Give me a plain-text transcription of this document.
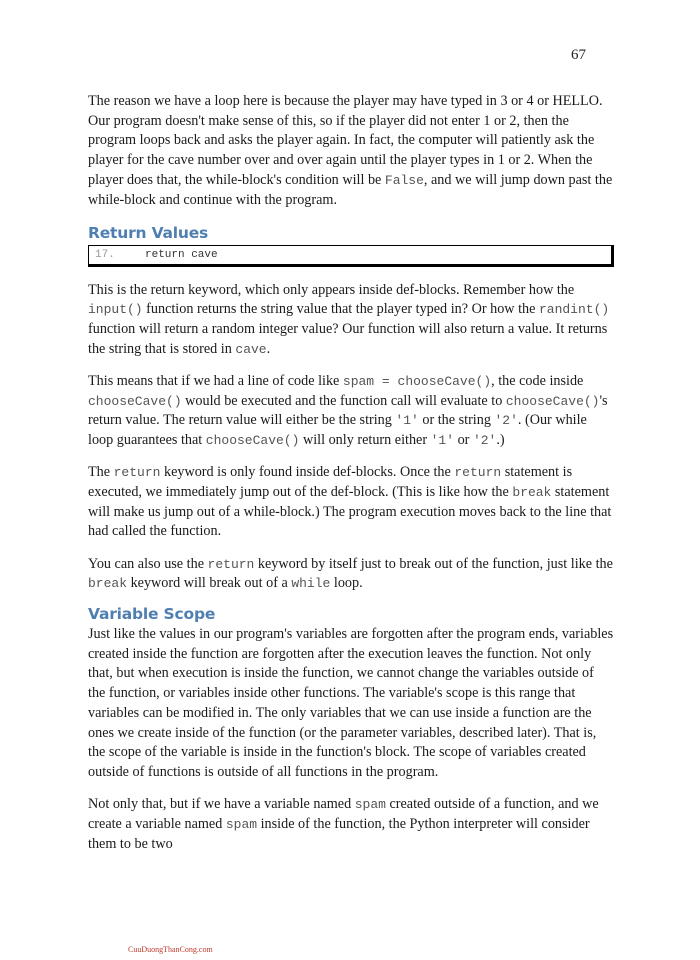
67

The reason we have a loop here is because the player may have typed in 3 or 4 or HELLO. Our program doesn't make sense of this, so if the player did not enter 1 or 2, then the program loops back and asks the player again. In fact, the computer will patiently ask the player for the cave number over and over again until the player types in 1 or 2. When the player does that, the while-block's condition will be False, and we will jump down past the while-block and continue with the program.

Return Values
17.	return cave

This is the return keyword, which only appears inside def-blocks. Remember how the input() function returns the string value that the player typed in? Or how the randint() function will return a random integer value? Our function will also return a value. It returns the string that is stored in cave.

This means that if we had a line of code like spam = chooseCave(), the code inside chooseCave() would be executed and the function call will evaluate to chooseCave()'s return value. The return value will either be the string '1' or the string '2'. (Our while loop guarantees that chooseCave() will only return either '1' or '2'.)

The return keyword is only found inside def-blocks. Once the return statement is executed, we immediately jump out of the def-block. (This is like how the break statement will make us jump out of a while-block.) The program execution moves back to the line that had called the function.

You can also use the return keyword by itself just to break out of the function, just like the break keyword will break out of a while loop.

Variable Scope

Just like the values in our program's variables are forgotten after the program ends, variables created inside the function are forgotten after the execution leaves the function. Not only that, but when execution is inside the function, we cannot change the variables outside of the function, or variables inside other functions. The variable's scope is this range that variables can be modified in. The only variables that we can use inside a function are the ones we create inside of the function (or the parameter variables, described later). That is, the scope of the variable is inside in the function's block. The scope of variables created outside of functions is outside of all functions in the program.

Not only that, but if we have a variable named spam created outside of a function, and we create a variable named spam inside of the function, the Python interpreter will consider them to be two

CuuDuongThanCong.com
